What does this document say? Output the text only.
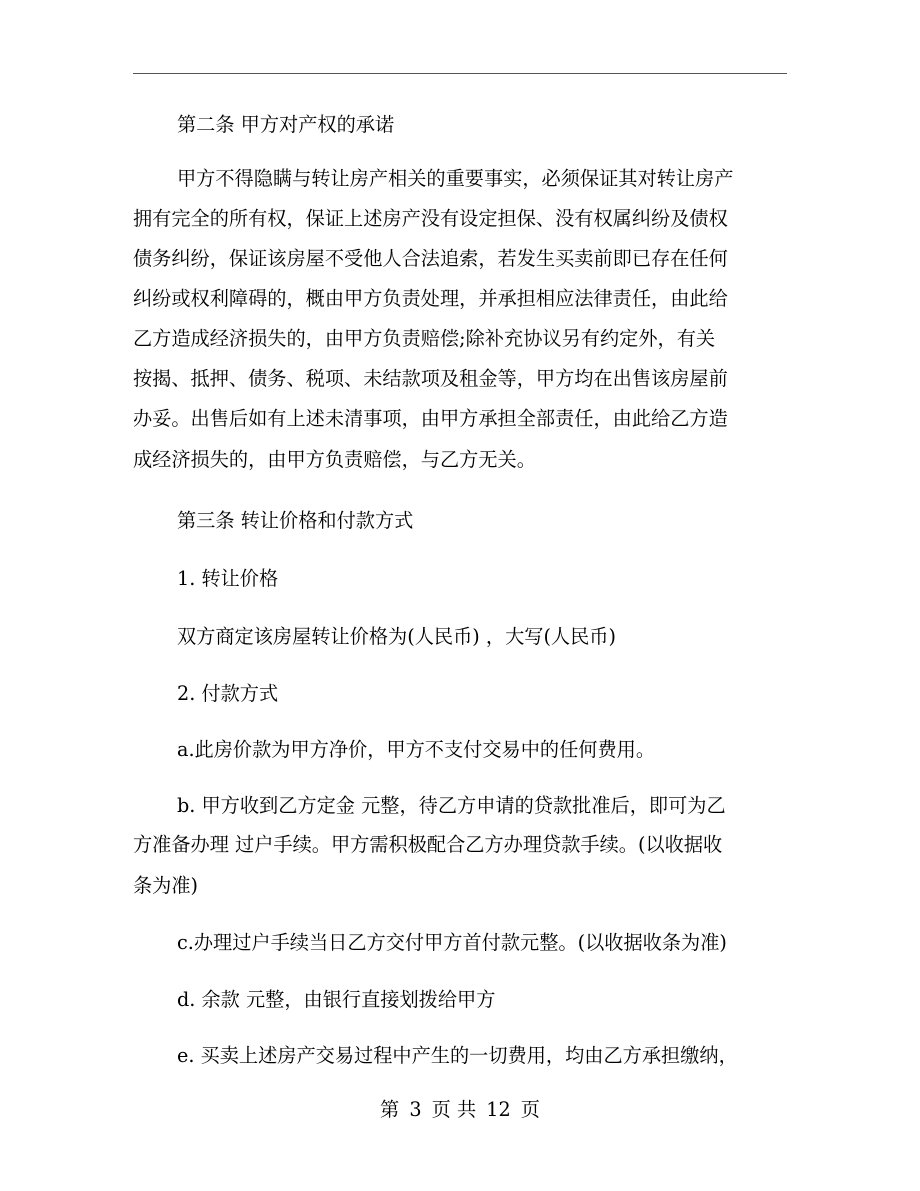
第二条 甲方对产权的承诺
甲方不得隐瞒与转让房产相关的重要事实，必须保证其对转让房产
拥有完全的所有权，保证上述房产没有设定担保、没有权属纠纷及债权
债务纠纷，保证该房屋不受他人合法追索，若发生买卖前即已存在任何
纠纷或权利障碍的，概由甲方负责处理，并承担相应法律责任，由此给
乙方造成经济损失的，由甲方负责赔偿;除补充协议另有约定外，有关
按揭、抵押、债务、税项、未结款项及租金等，甲方均在出售该房屋前
办妥。出售后如有上述未清事项，由甲方承担全部责任，由此给乙方造
成经济损失的，由甲方负责赔偿，与乙方无关。
第三条 转让价格和付款方式
1. 转让价格
双方商定该房屋转让价格为(人民币) ，大写(人民币)
2. 付款方式
a.此房价款为甲方净价，甲方不支付交易中的任何费用。
b. 甲方收到乙方定金 元整，待乙方申请的贷款批准后，即可为乙
方准备办理 过户手续。甲方需积极配合乙方办理贷款手续。(以收据收
条为准)
c.办理过户手续当日乙方交付甲方首付款元整。(以收据收条为准)
d. 余款 元整，由银行直接划拨给甲方
e. 买卖上述房产交易过程中产生的一切费用，均由乙方承担缴纳，
第 3 页 共 12 页
